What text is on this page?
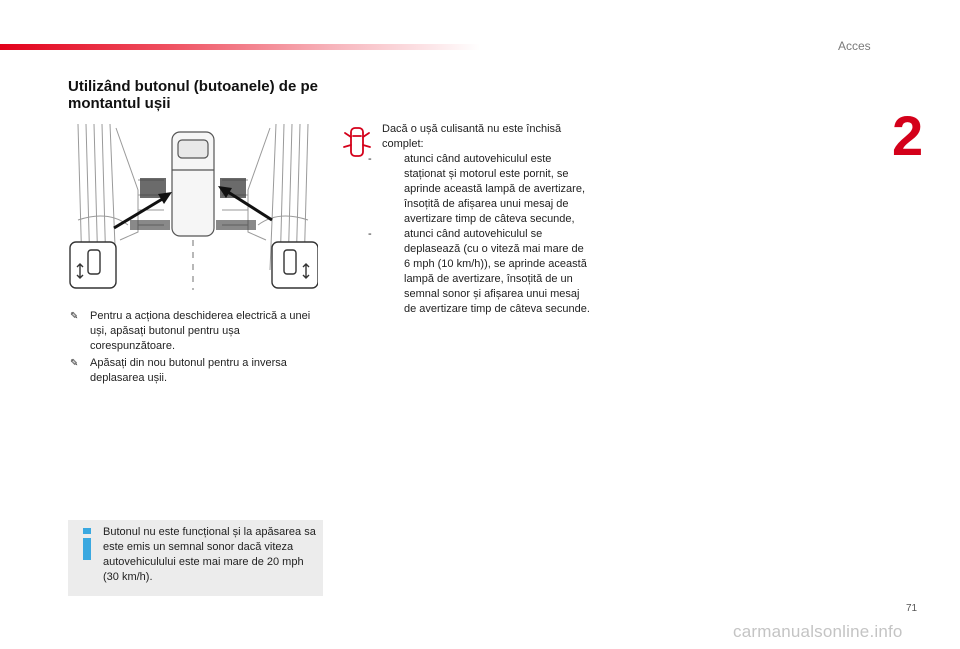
Acces
2
Utilizând butonul (butoanele) de pe montantul ușii
✎ Pentru a acționa deschiderea electrică a unei uși, apăsați butonul pentru ușa corespunzătoare.
✎ Apăsați din nou butonul pentru a inversa deplasarea ușii.
Dacă o ușă culisantă nu este închisă complet:
-	atunci când autovehiculul este staționat și motorul este pornit, se aprinde această lampă de avertizare, însoțită de afișarea unui mesaj de avertizare timp de câteva secunde,
-	atunci când autovehiculul se deplasează (cu o viteză mai mare de 6 mph (10 km/h)), se aprinde această lampă de avertizare, însoțită de un semnal sonor și afișarea unui mesaj de avertizare timp de câteva secunde.
Butonul nu este funcțional și la apăsarea sa este emis un semnal sonor dacă viteza autovehiculului este mai mare de 20 mph (30 km/h).
71
carmanualsonline.info
